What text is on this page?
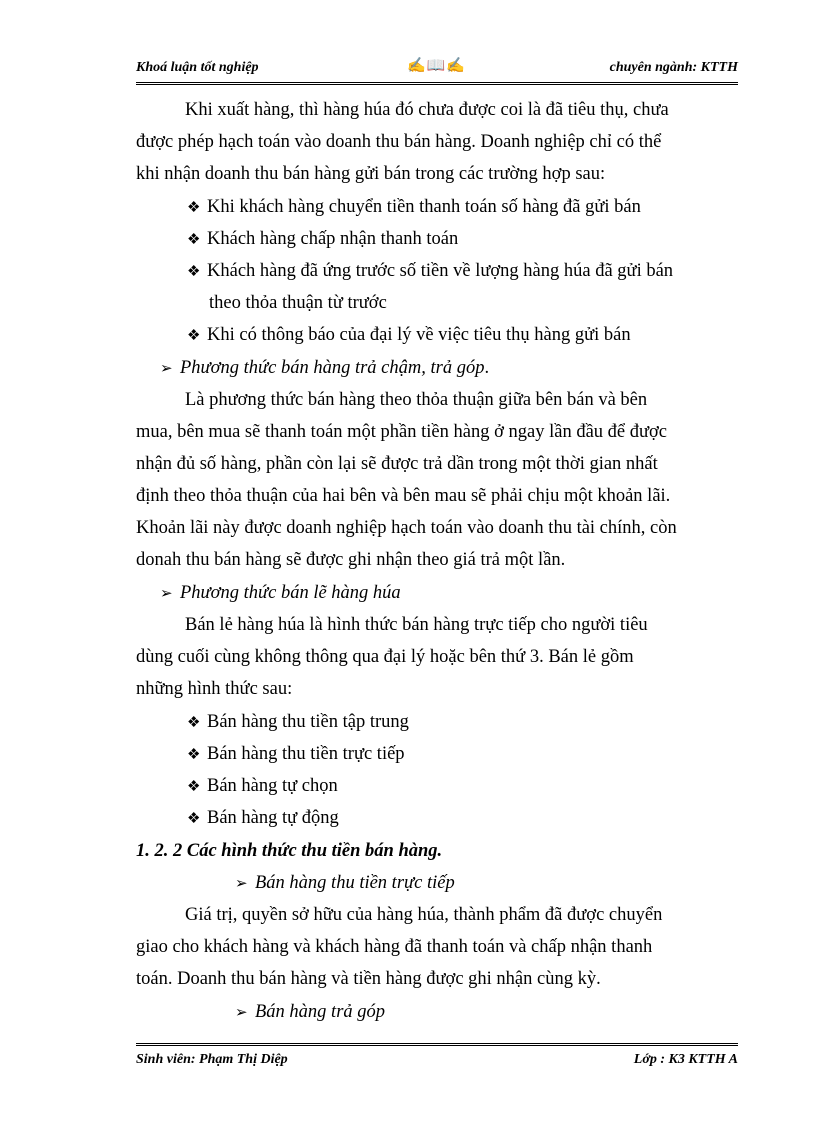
Khoá luận tốt nghiệp	✍📖✍	chuyên ngành: KTTH
Khi xuất hàng, thì hàng húa đó chưa được coi là đã tiêu thụ, chưa
được phép hạch toán vào doanh thu bán hàng. Doanh nghiệp chỉ có thể
khi nhận doanh thu bán hàng gửi bán trong các trường hợp sau:
❖ Khi khách hàng chuyển tiền thanh toán số hàng đã gửi bán
❖ Khách hàng chấp nhận thanh toán
❖ Khách hàng đã ứng trước số tiền về lượng hàng húa đã gửi bán
theo thỏa thuận từ trước
❖ Khi có thông báo của đại lý về việc tiêu thụ hàng gửi bán
➢ Phương thức bán hàng trả chậm, trả góp.
Là phương thức bán hàng theo thỏa thuận giữa bên bán và bên
mua, bên mua sẽ thanh toán một phần tiền hàng ở ngay lần đầu để được
nhận đủ số hàng, phần còn lại sẽ được trả dần trong một thời gian nhất
định theo thỏa thuận của hai bên và bên mau sẽ phải chịu một khoản lãi.
Khoản lãi này được doanh nghiệp hạch toán vào doanh thu tài chính, còn
donah thu bán hàng sẽ được ghi nhận theo giá trả một lần.
➢ Phương thức bán lẽ hàng húa
Bán lẻ hàng húa là hình thức bán hàng trực tiếp cho người tiêu
dùng cuối cùng không thông qua đại lý hoặc bên thứ 3. Bán lẻ gồm
những hình thức sau:
❖ Bán hàng thu tiền tập trung
❖ Bán hàng thu tiền trực tiếp
❖ Bán hàng tự chọn
❖ Bán hàng tự động
1. 2. 2 Các hình thức thu tiền bán hàng.
➢ Bán hàng thu tiền trực tiếp
Giá trị, quyền sở hữu của hàng húa, thành phẩm đã được chuyển
giao cho khách hàng và khách hàng đã thanh toán và chấp nhận thanh
toán. Doanh thu bán hàng và tiền hàng được ghi nhận cùng kỳ.
➢ Bán hàng trả góp
Sinh viên: Phạm Thị Diệp	Lớp : K3 KTTH A
